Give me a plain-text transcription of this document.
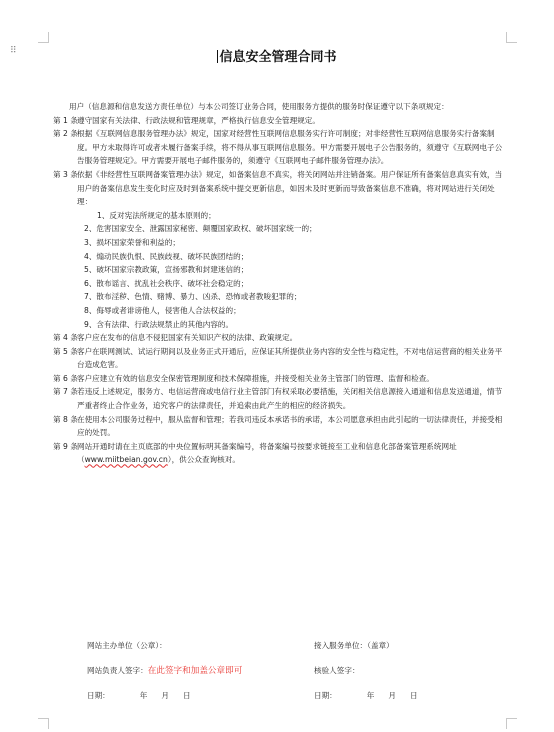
⠿	信息安全管理合同书

用户（信息源和信息发送方责任单位）与本公司签订业务合同，使用服务方提供的服务时保证遵守以下条项规定：

第 1 条 遵守国家有关法律、行政法规和管理规章，严格执行信息安全管理规定。

第 2 条 根据《互联网信息服务管理办法》规定，国家对经营性互联网信息服务实行许可制度；对非经营性互联网信息服务实行备案制度。甲方未取得许可或者未履行备案手续，将不得从事互联网信息服务。甲方需要开展电子公告服务的，须遵守《互联网电子公告服务管理规定》。甲方需要开展电子邮件服务的，须遵守《互联网电子邮件服务管理办法》。

第 3 条 依据《非经营性互联网备案管理办法》规定，如备案信息不真实，将关闭网站并注销备案。用户保证所有备案信息真实有效，当用户的备案信息发生变化时应及时到备案系统中提交更新信息，如因未及时更新而导致备案信息不准确，将对网站进行关闭处理：

1、反对宪法所规定的基本原则的；

2、危害国家安全、泄露国家秘密、颠覆国家政权、破坏国家统一的；

3、损坏国家荣誉和利益的；

4、煽动民族仇恨、民族歧视、破坏民族团结的；

5、破坏国家宗教政策，宣扬邪教和封建迷信的；

6、散布谣言、扰乱社会秩序、破坏社会稳定的；

7、散布淫秽、色情、赌博、暴力、凶杀、恐怖或者教唆犯罪的；

8、侮辱或者诽谤他人，侵害他人合法权益的；

9、含有法律、行政法规禁止的其他内容的。

第 4 条 客户应在发布的信息不侵犯国家有关知识产权的法律、政策规定。

第 5 条 客户在联网测试、试运行期间以及业务正式开通后，应保证其所提供业务内容的安全性与稳定性，不对电信运营商的相关业务平台造成危害。

第 6 条 客户应建立有效的信息安全保密管理制度和技术保障措施，并接受相关业务主管部门的管理、监督和检查。

第 7 条 若违反上述规定，服务方、电信运营商或电信行业主管部门有权采取必要措施，关闭相关信息源接入通道和信息发送通道，情节严重者终止合作业务，追究客户的法律责任，并追索由此产生的相应的经济损失。

第 8 条 在使用本公司服务过程中，服从监督和管理；若我司违反本承诺书的承诺，本公司愿意承担由此引起的一切法律责任，并接受相应的处罚。

第 9 条 网站开通时请在主页底部的中央位置标明其备案编号，将备案编号按要求链接至工业和信息化部备案管理系统网址（www.miitbeian.gov.cn），供公众查询核对。

网站主办单位（公章）：	接入服务单位：（盖章）
网站负责人签字：在此签字和加盖公章即可	核验人签字：
日期：	年 月 日	日期：	年 月 日
